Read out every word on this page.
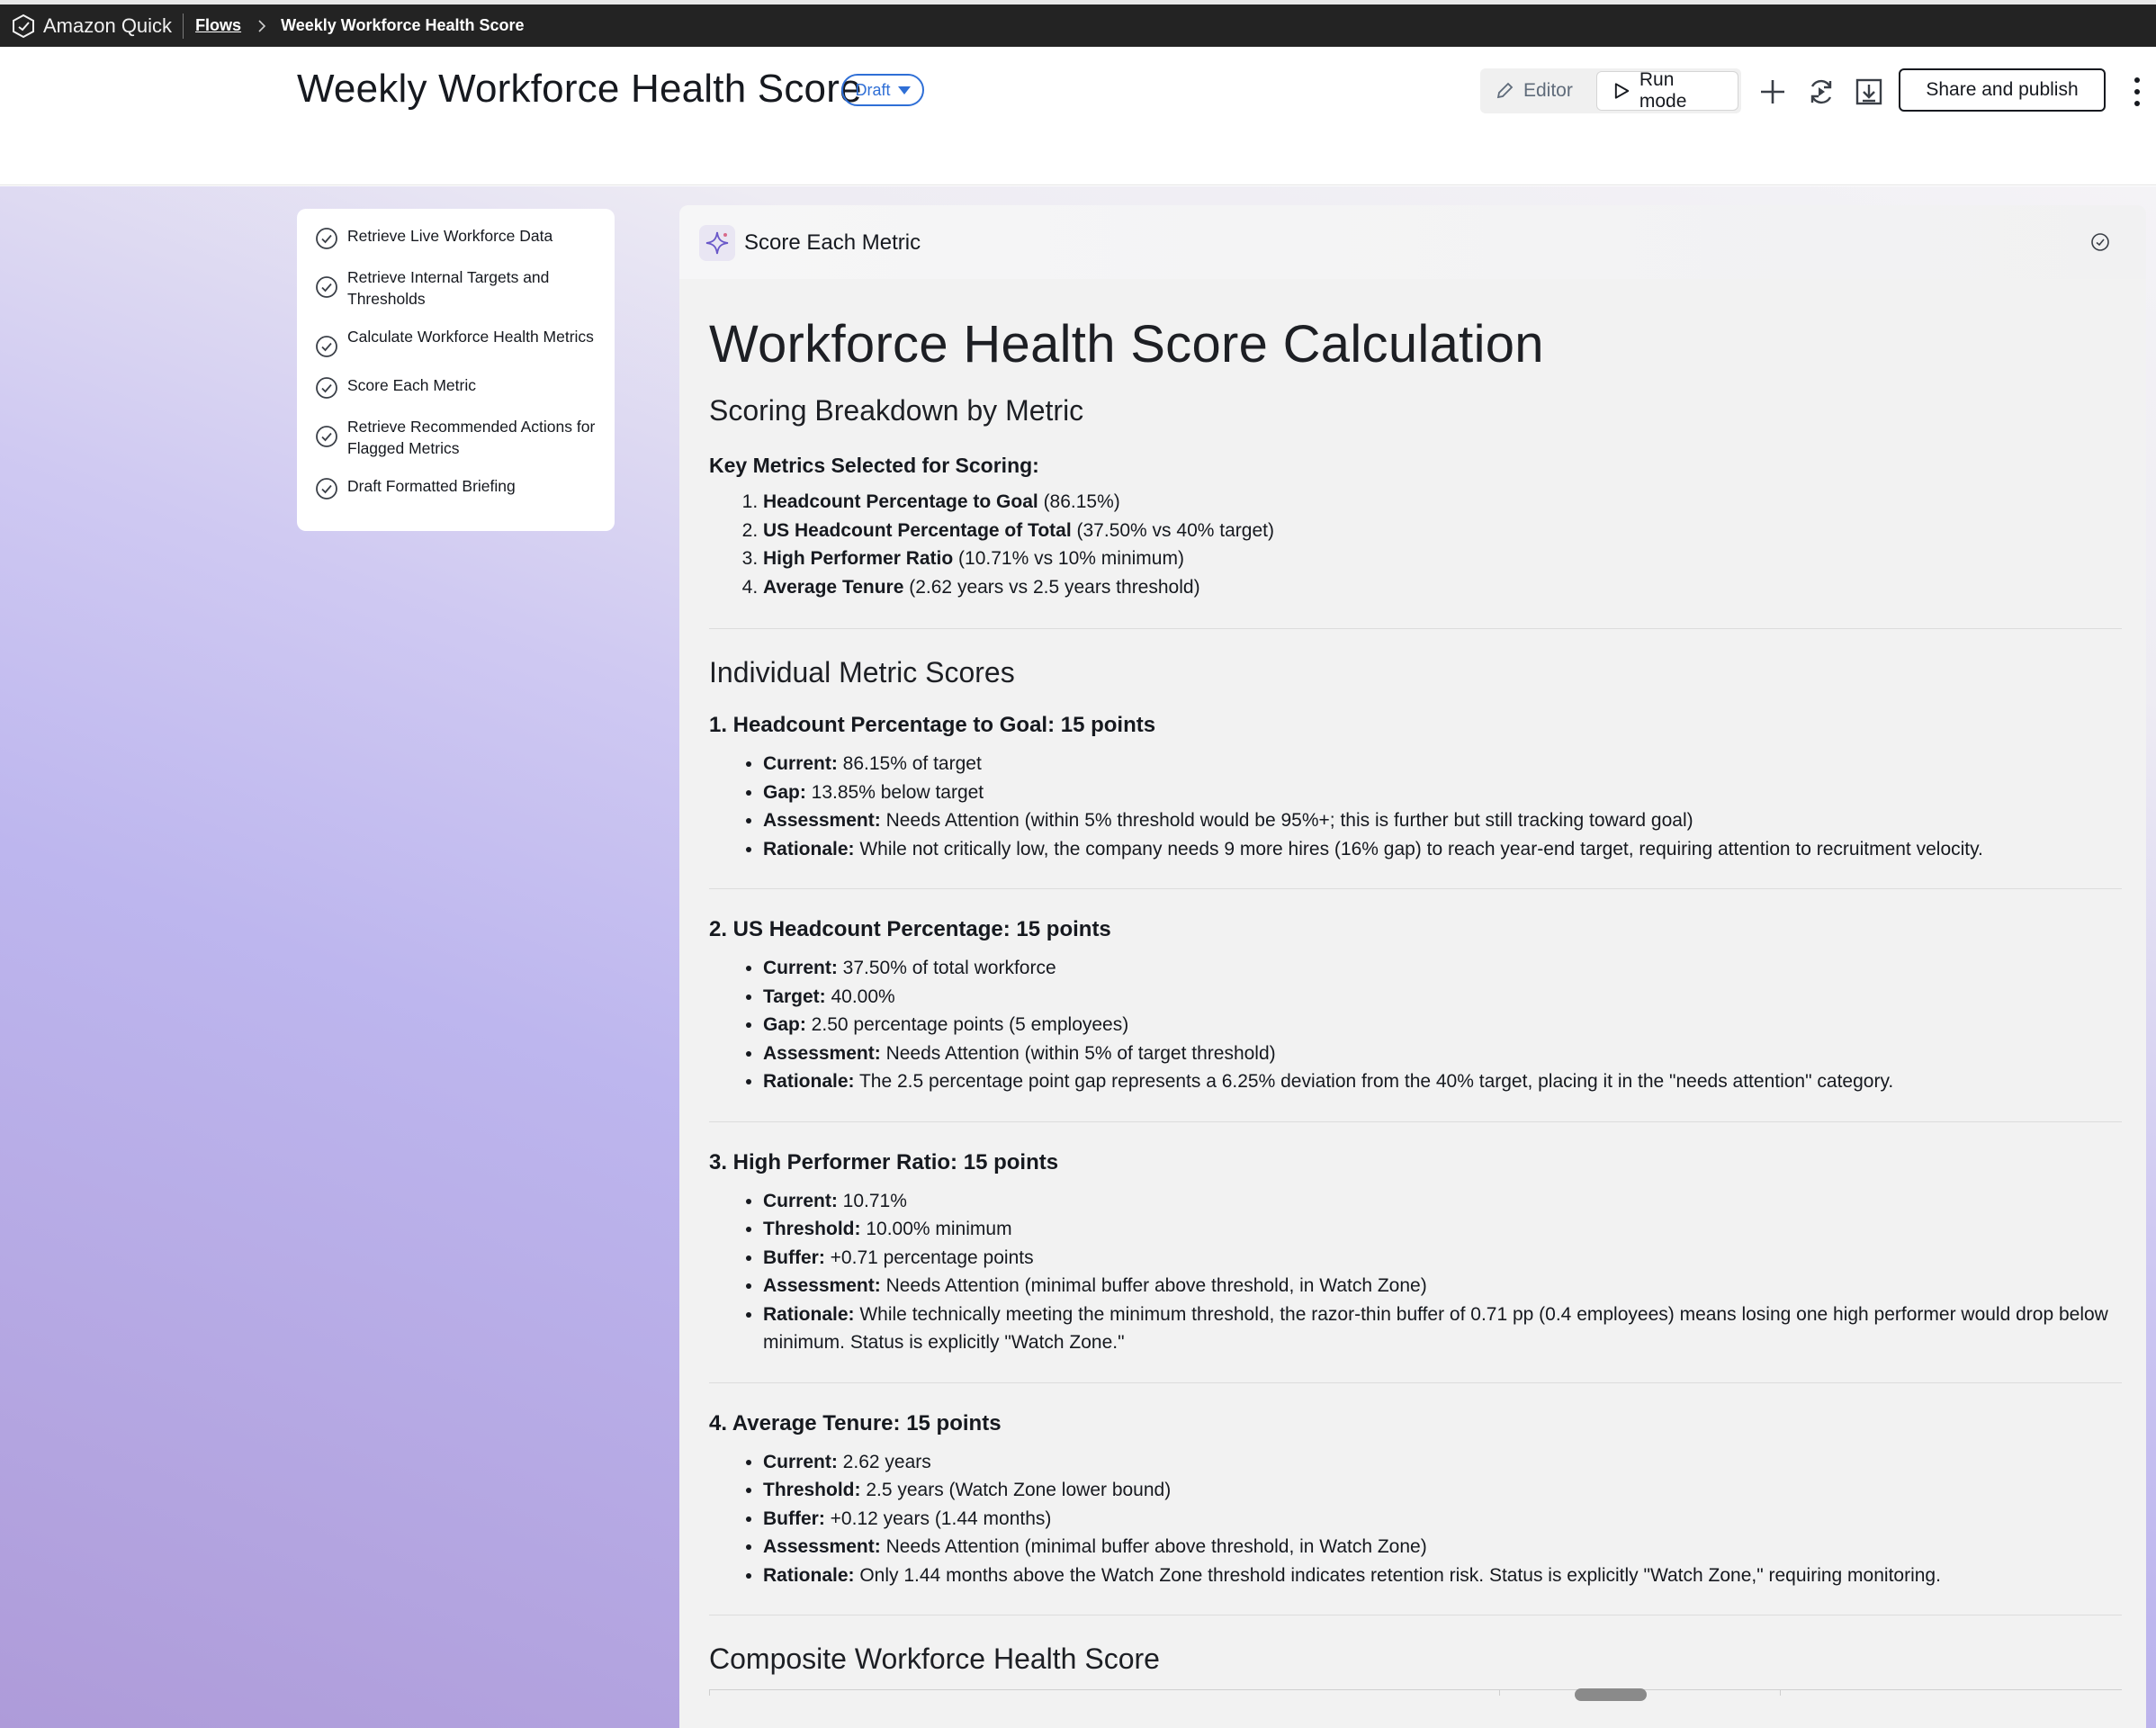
Amazon Quick Flows Weekly Workforce Health Score
Weekly Workforce Health Score
Draft	Editor
Run mode
Share and publish
Retrieve Live Workforce Data
Retrieve Internal Targets and Thresholds
Calculate Workforce Health Metrics
Score Each Metric
Retrieve Recommended Actions for Flagged Metrics
Draft Formatted Briefing
Score Each Metric
Workforce Health Score Calculation
Scoring Breakdown by Metric
Key Metrics Selected for Scoring:
1. Headcount Percentage to Goal (86.15%)
2. US Headcount Percentage of Total (37.50% vs 40% target)
3. High Performer Ratio (10.71% vs 10% minimum)
4. Average Tenure (2.62 years vs 2.5 years threshold)
Individual Metric Scores
1. Headcount Percentage to Goal: 15 points
• Current: 86.15% of target
• Gap: 13.85% below target
• Assessment: Needs Attention (within 5% threshold would be 95%+; this is further but still tracking toward goal)
• Rationale: While not critically low, the company needs 9 more hires (16% gap) to reach year-end target, requiring attention to recruitment velocity.
2. US Headcount Percentage: 15 points
• Current: 37.50% of total workforce
• Target: 40.00%
• Gap: 2.50 percentage points (5 employees)
• Assessment: Needs Attention (within 5% of target threshold)
• Rationale: The 2.5 percentage point gap represents a 6.25% deviation from the 40% target, placing it in the "needs attention" category.
3. High Performer Ratio: 15 points
• Current: 10.71%
• Threshold: 10.00% minimum
• Buffer: +0.71 percentage points
• Assessment: Needs Attention (minimal buffer above threshold, in Watch Zone)
• Rationale: While technically meeting the minimum threshold, the razor-thin buffer of 0.71 pp (0.4 employees) means losing one high performer would drop below minimum. Status is explicitly "Watch Zone."
4. Average Tenure: 15 points
• Current: 2.62 years
• Threshold: 2.5 years (Watch Zone lower bound)
• Buffer: +0.12 years (1.44 months)
• Assessment: Needs Attention (minimal buffer above threshold, in Watch Zone)
• Rationale: Only 1.44 months above the Watch Zone threshold indicates retention risk. Status is explicitly "Watch Zone," requiring monitoring.
Composite Workforce Health Score
